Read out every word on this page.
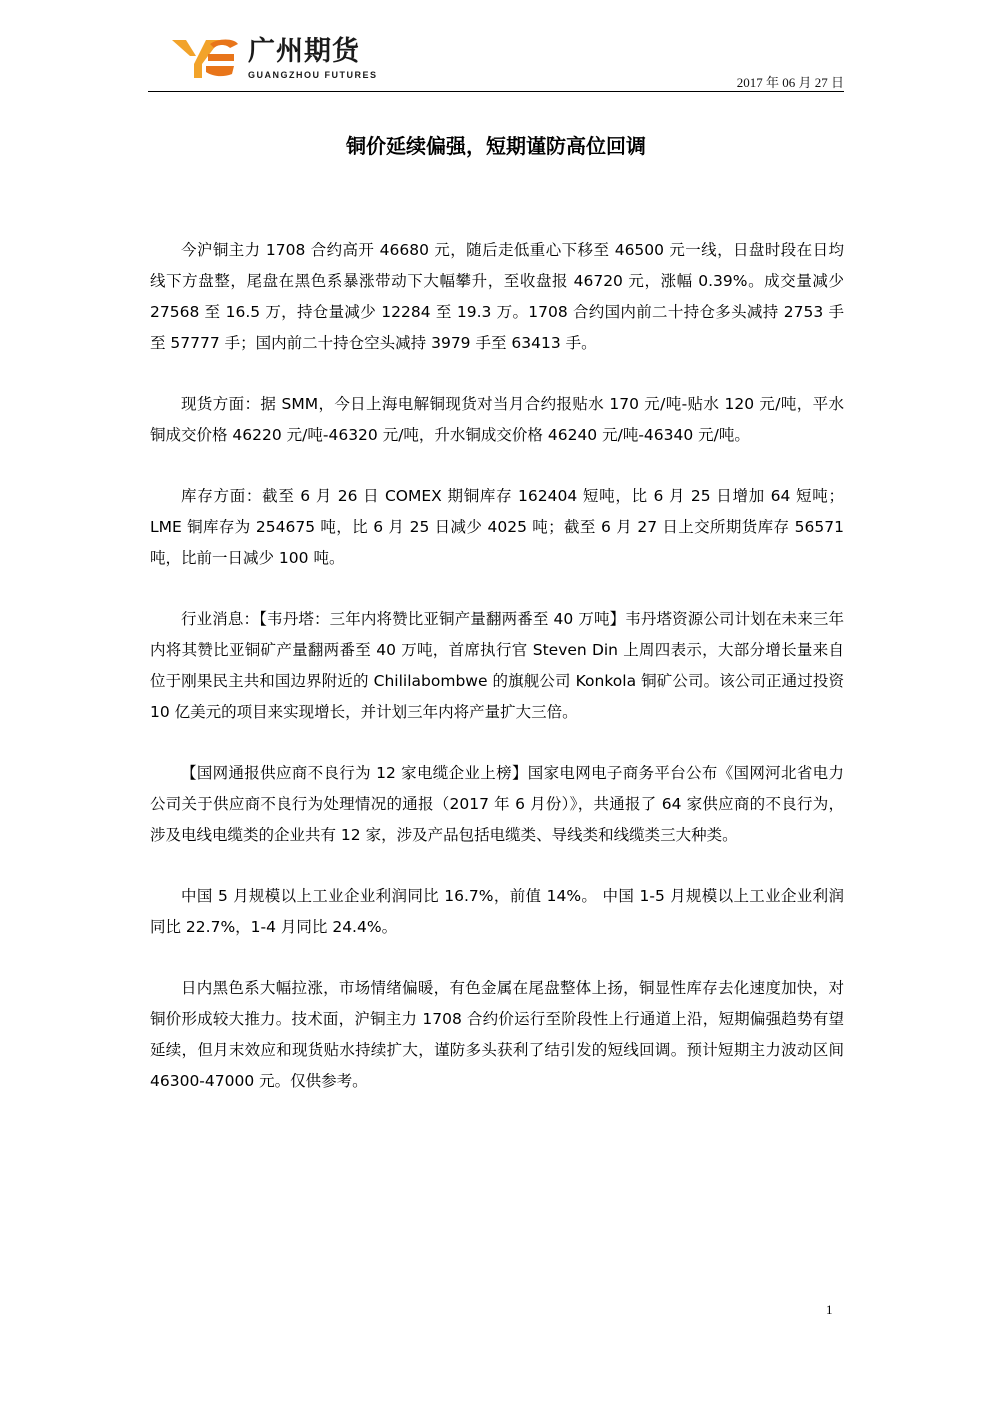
广州期货
GUANGZHOU FUTURES	2017 年 06 月 27 日
铜价延续偏强，短期谨防高位回调

今沪铜主力 1708 合约高开 46680 元，随后走低重心下移至 46500 元一线，日盘时段在日均线下方盘整，尾盘在黑色系暴涨带动下大幅攀升，至收盘报 46720 元，涨幅 0.39%。成交量减少 27568 至 16.5 万，持仓量减少 12284 至 19.3 万。1708 合约国内前二十持仓多头减持 2753 手至 57777 手；国内前二十持仓空头减持 3979 手至 63413 手。

现货方面：据 SMM，今日上海电解铜现货对当月合约报贴水 170 元/吨-贴水 120 元/吨，平水铜成交价格 46220 元/吨-46320 元/吨，升水铜成交价格 46240 元/吨-46340 元/吨。

库存方面：截至 6 月 26 日 COMEX 期铜库存 162404 短吨，比 6 月 25 日增加 64 短吨；LME 铜库存为 254675 吨，比 6 月 25 日减少 4025 吨；截至 6 月 27 日上交所期货库存 56571 吨，比前一日减少 100 吨。

行业消息：【韦丹塔：三年内将赞比亚铜产量翻两番至 40 万吨】韦丹塔资源公司计划在未来三年内将其赞比亚铜矿产量翻两番至 40 万吨，首席执行官 Steven Din 上周四表示，大部分增长量来自位于刚果民主共和国边界附近的 Chililabombwe 的旗舰公司 Konkola 铜矿公司。该公司正通过投资 10 亿美元的项目来实现增长，并计划三年内将产量扩大三倍。

【国网通报供应商不良行为 12 家电缆企业上榜】国家电网电子商务平台公布《国网河北省电力公司关于供应商不良行为处理情况的通报（2017 年 6 月份）》，共通报了 64 家供应商的不良行为，涉及电线电缆类的企业共有 12 家，涉及产品包括电缆类、导线类和线缆类三大种类。

中国 5 月规模以上工业企业利润同比 16.7%，前值 14%。 中国 1-5 月规模以上工业企业利润同比 22.7%，1-4 月同比 24.4%。

日内黑色系大幅拉涨，市场情绪偏暖，有色金属在尾盘整体上扬，铜显性库存去化速度加快，对铜价形成较大推力。技术面，沪铜主力 1708 合约价运行至阶段性上行通道上沿，短期偏强趋势有望延续，但月末效应和现货贴水持续扩大，谨防多头获利了结引发的短线回调。预计短期主力波动区间 46300-47000 元。仅供参考。

1
